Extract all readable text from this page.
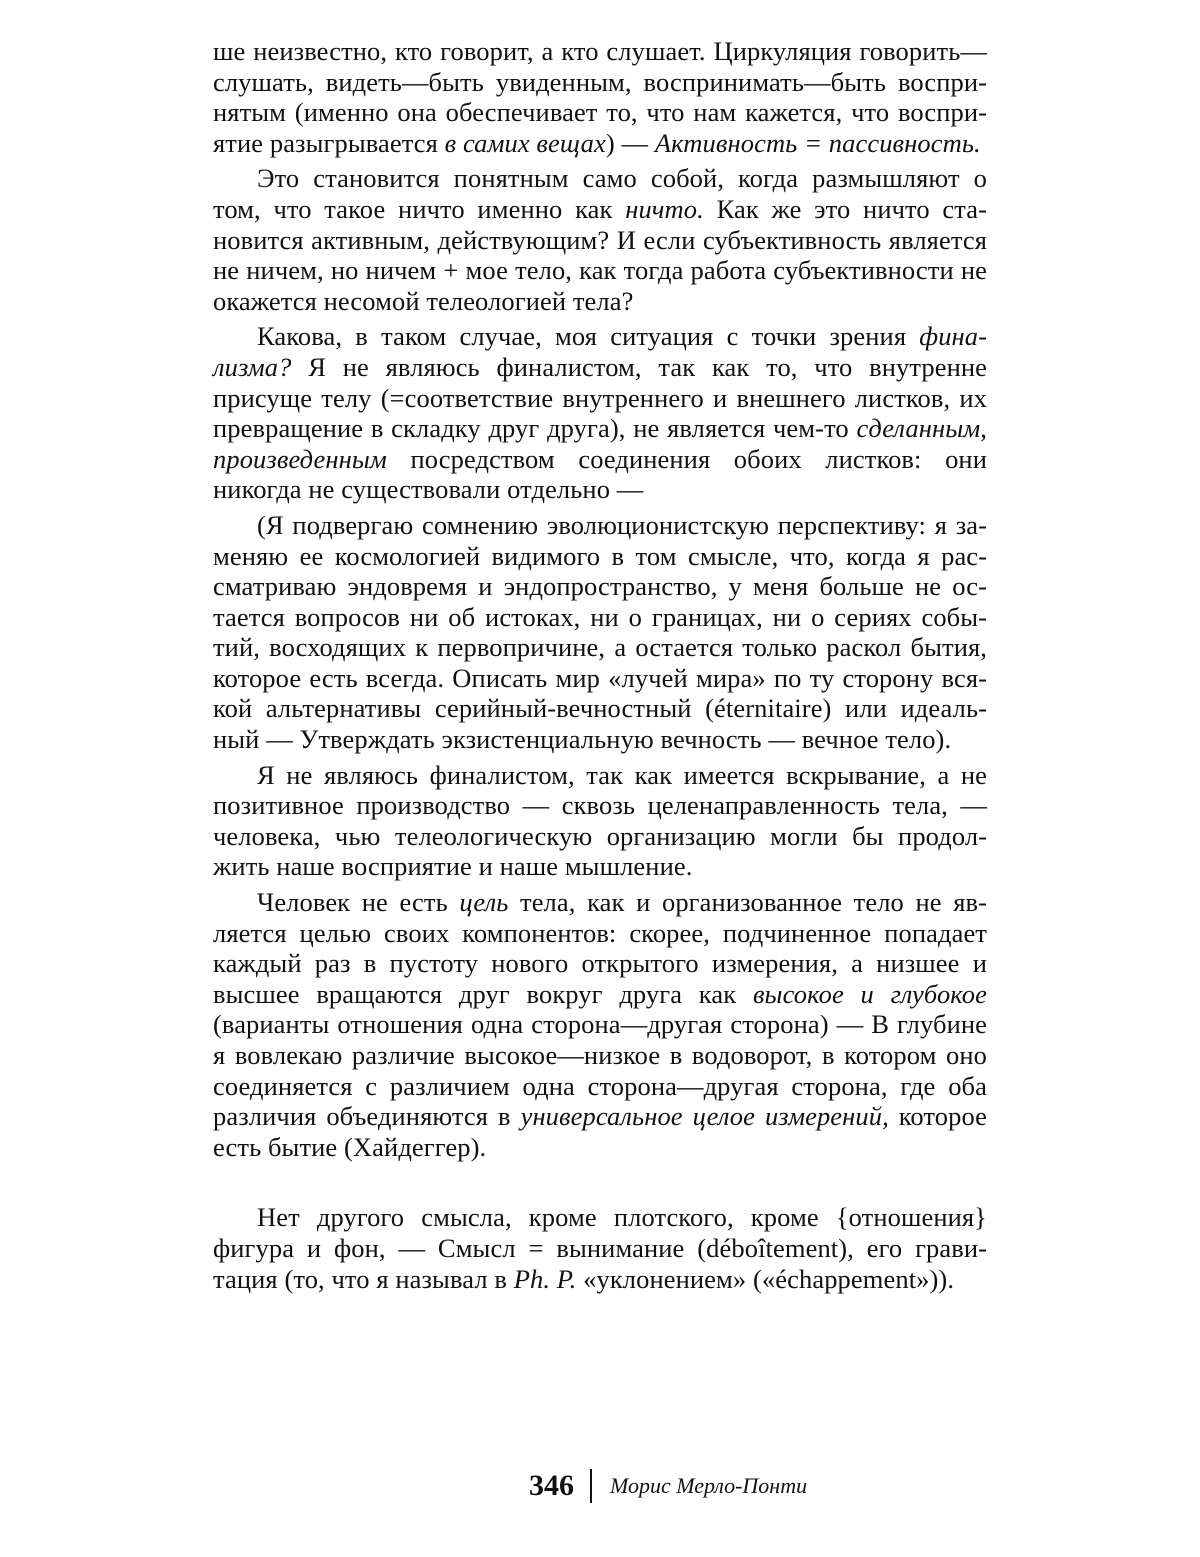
ше неизвестно, кто говорит, а кто слушает. Циркуляция говорить—слушать, видеть—быть увиденным, воспринимать—быть воспринятым (именно она обеспечивает то, что нам кажется, что восприятие разыгрывается в самих вещах) — Активность = пассивность.

Это становится понятным само собой, когда размышляют о том, что такое ничто именно как ничто. Как же это ничто становится активным, действующим? И если субъективность является не ничем, но ничем + мое тело, как тогда работа субъективности не окажется несомой телеологией тела?

Какова, в таком случае, моя ситуация с точки зрения финализма? Я не являюсь финалистом, так как то, что внутренне присуще телу (=соответствие внутреннего и внешнего листков, их превращение в складку друг друга), не является чем-то сделанным, произведенным посредством соединения обоих листков: они никогда не существовали отдельно —

(Я подвергаю сомнению эволюционистскую перспективу: я заменяю ее космологией видимого в том смысле, что, когда я рассматриваю эндовремя и эндопространство, у меня больше не остается вопросов ни об истоках, ни о границах, ни о сериях событий, восходящих к первопричине, а остается только раскол бытия, которое есть всегда. Описать мир «лучей мира» по ту сторону всякой альтернативы серийный-вечностный (éternitaire) или идеальный — Утверждать экзистенциальную вечность — вечное тело).

Я не являюсь финалистом, так как имеется вскрывание, а не позитивное производство — сквозь целенаправленность тела, — человека, чью телеологическую организацию могли бы продолжить наше восприятие и наше мышление.

Человек не есть цель тела, как и организованное тело не является целью своих компонентов: скорее, подчиненное попадает каждый раз в пустоту нового открытого измерения, а низшее и высшее вращаются друг вокруг друга как высокое и глубокое (варианты отношения одна сторона—другая сторона) — В глубине я вовлекаю различие высокое—низкое в водоворот, в котором оно соединяется с различием одна сторона—другая сторона, где оба различия объединяются в универсальное целое измерений, которое есть бытие (Хайдеггер).

Нет другого смысла, кроме плотского, кроме {отношения} фигура и фон, — Смысл = вынимание (déboîtement), его гравитация (то, что я называл в Ph. P. «уклонением» («échappement»)).

346 Морис Мерло-Понти
